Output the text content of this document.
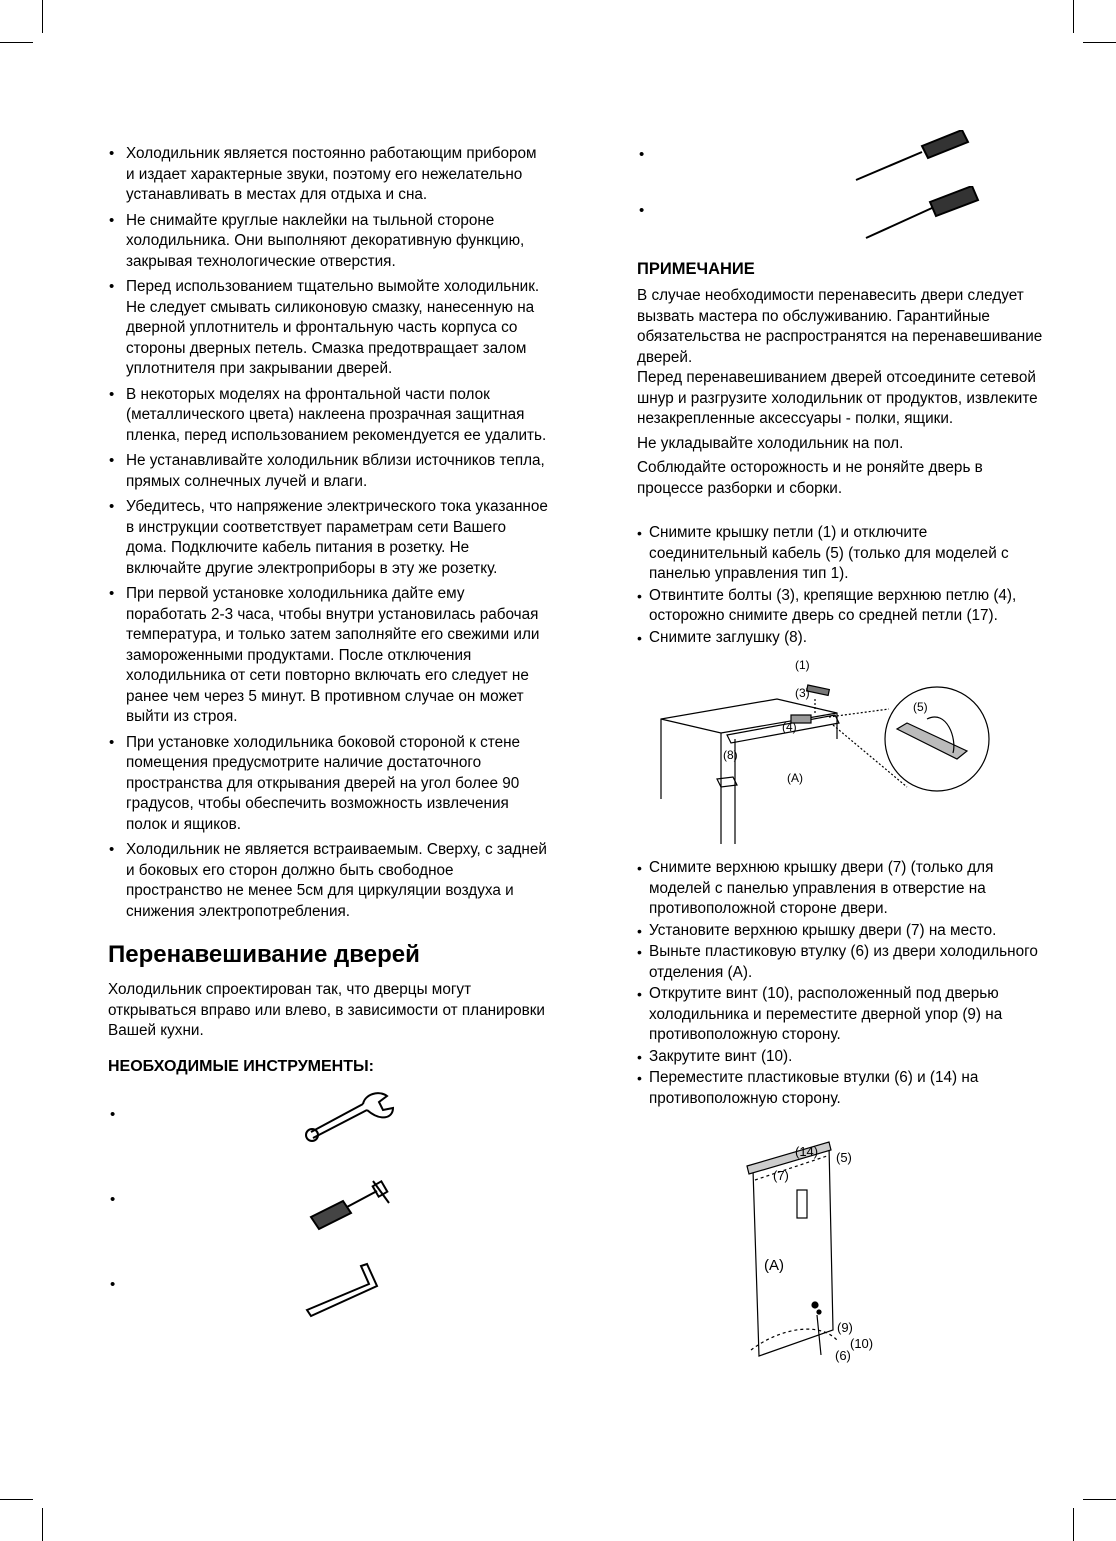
• Холодильник является постоянно работающим прибором и издает характерные звуки, поэтому его нежелательно устанавливать в местах для отдыха и сна.
• Не снимайте круглые наклейки на тыльной стороне холодильника. Они выполняют декоративную функцию, закрывая технологические отверстия.
• Перед использованием тщательно вымойте холодильник. Не следует смывать силиконовую смазку, нанесенную на дверной уплотнитель и фронтальную часть корпуса со стороны дверных петель. Смазка предотвращает залом уплотнителя при закрывании дверей.
• В некоторых моделях на фронтальной части полок (металлического цвета) наклеена прозрачная защитная пленка, перед использованием рекомендуется ее удалить.
• Не устанавливайте холодильник вблизи источников тепла, прямых солнечных лучей и влаги.
• Убедитесь, что напряжение электрического тока указанное в инструкции соответствует параметрам сети Вашего дома. Подключите кабель питания в розетку. Не включайте другие электроприборы в эту же розетку.
• При первой установке холодильника дайте ему поработать 2-3 часа, чтобы внутри установилась рабочая температура, и только затем заполняйте его свежими или замороженными продуктами. После отключения холодильника от сети повторно включать его следует не ранее чем через 5 минут. В противном случае он может выйти из строя.
• При установке холодильника боковой стороной к стене помещения предусмотрите наличие достаточного пространства для открывания дверей на угол более 90 градусов, чтобы обеспечить возможность извлечения полок и ящиков.
• Холодильник не является встраиваемым. Сверху, с задней и боковых его сторон должно быть свободное пространство не менее 5см для циркуляции воздуха и снижения электропотребления.
Перенавешивание дверей

Холодильник спроектирован так, что дверцы могут открываться вправо или влево, в зависимости от планировки Вашей кухни.

НЕОБХОДИМЫЕ ИНСТРУМЕНТЫ:
•
•
•
•
•
ПРИМЕЧАНИЕ

В случае необходимости перенавесить двери следует вызвать мастера по обслуживанию. Гарантийные обязательства не распространятся на перенавешивание дверей.

Перед перенавешиванием дверей отсоедините сетевой шнур и разгрузите холодильник от продуктов, извлеките незакрепленные аксессуары - полки, ящики.

Не укладывайте холодильник на пол.

Соблюдайте осторожность и не роняйте дверь в процессе разборки и сборки.

• Снимите крышку петли (1) и отключите соединительный кабель (5) (только для моделей с панелью управления тип 1).
• Отвинтите болты (3), крепящие верхнюю петлю (4), осторожно снимите дверь со средней петли (17).
• Снимите заглушку (8).
(1)
(3)
(4)
(8)
(A)
(5)
• Снимите верхнюю крышку двери (7) (только для моделей с панелью управления в отверстие на противоположной стороне двери.
• Установите верхнюю крышку двери (7) на место.
• Выньте пластиковую втулку (6) из двери холодильного отделения (А).
• Открутите винт (10), расположенный под дверью холодильника и переместите дверной упор (9) на противоположную сторону.
• Закрутите винт (10).
• Переместите пластиковые втулки (6) и (14) на противоположную сторону.
(14) (5)
(7)
(A)
(9)
(10)
(6)
